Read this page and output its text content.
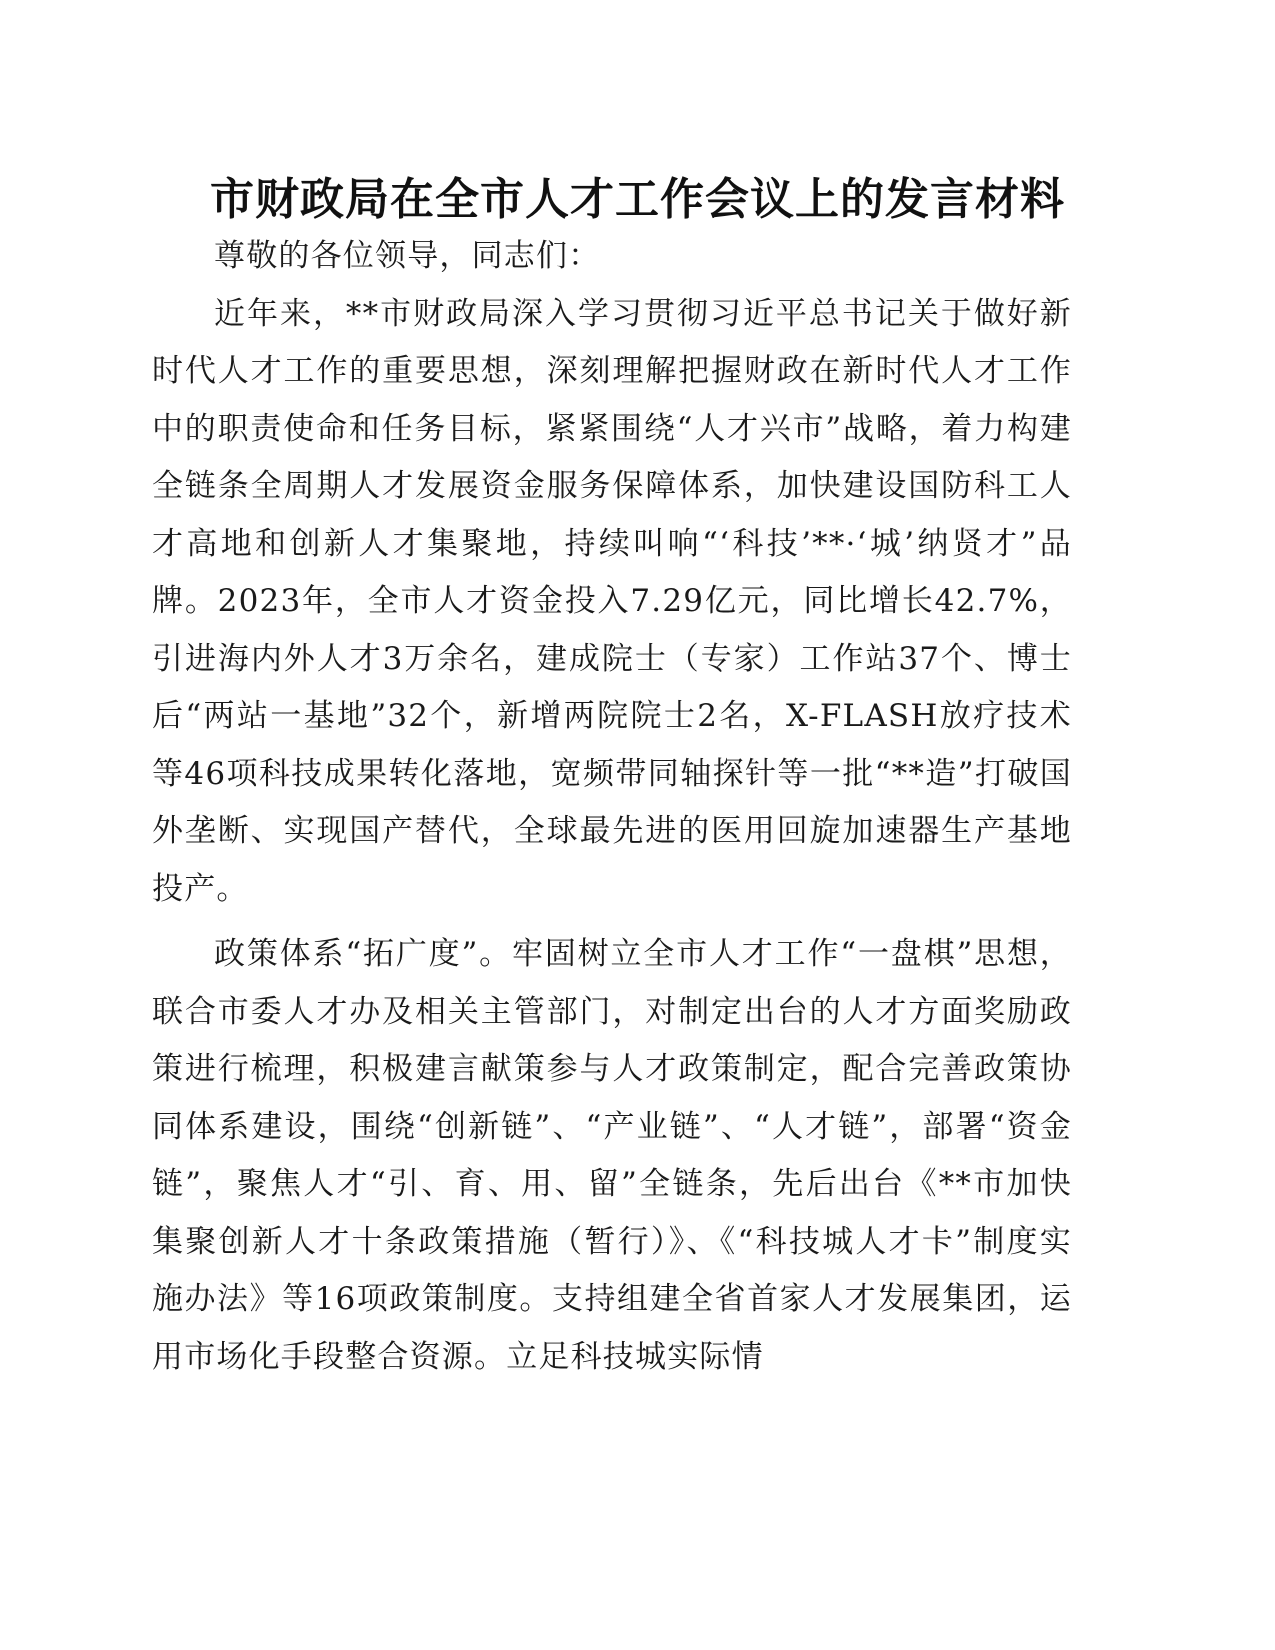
市财政局在全市人才工作会议上的发言材料

尊敬的各位领导，同志们：

近年来，**市财政局深入学习贯彻习近平总书记关于做好新时代人才工作的重要思想，深刻理解把握财政在新时代人才工作中的职责使命和任务目标，紧紧围绕“人才兴市”战略，着力构建全链条全周期人才发展资金服务保障体系，加快建设国防科工人才高地和创新人才集聚地，持续叫响“‘科技’**·‘城’纳贤才”品牌。2023年，全市人才资金投入7.29亿元，同比增长42.7%，引进海内外人才3万余名，建成院士（专家）工作站37个、博士后“两站一基地”32个，新增两院院士2名，X-FLASH放疗技术等46项科技成果转化落地，宽频带同轴探针等一批“**造”打破国外垄断、实现国产替代，全球最先进的医用回旋加速器生产基地投产。

政策体系“拓广度”。牢固树立全市人才工作“一盘棋”思想，联合市委人才办及相关主管部门，对制定出台的人才方面奖励政策进行梳理，积极建言献策参与人才政策制定，配合完善政策协同体系建设，围绕“创新链”、“产业链”、“人才链”，部署“资金链”，聚焦人才“引、育、用、留”全链条，先后出台《**市加快集聚创新人才十条政策措施（暂行）》、《“科技城人才卡”制度实施办法》等16项政策制度。支持组建全省首家人才发展集团，运用市场化手段整合资源。立足科技城实际情
